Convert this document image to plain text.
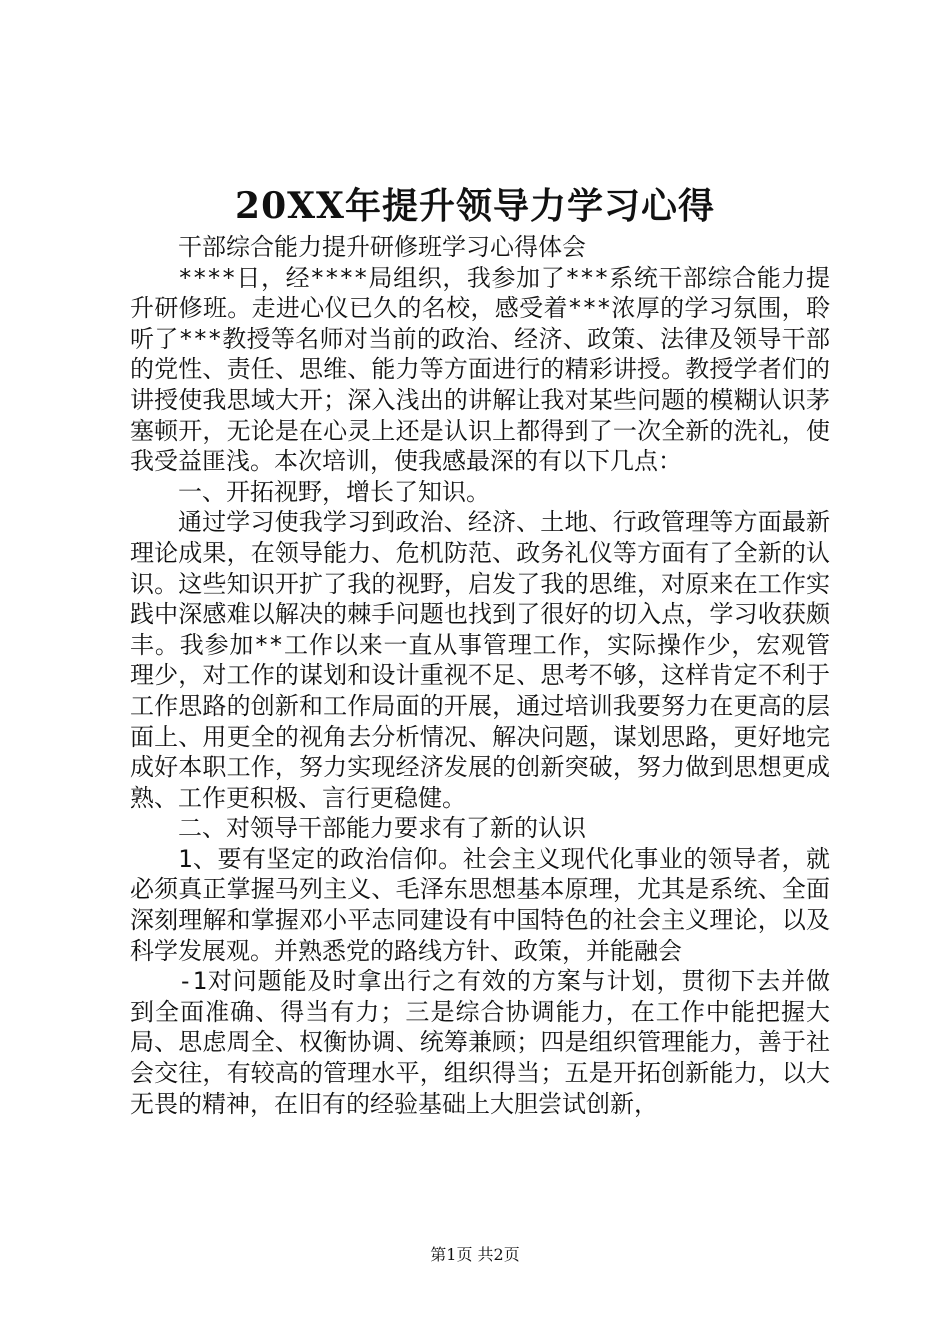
20XX年提升领导力学习心得

干部综合能力提升研修班学习心得体会

****日，经****局组织，我参加了***系统干部综合能力提升研修班。走进心仪已久的名校，感受着***浓厚的学习氛围，聆听了***教授等名师对当前的政治、经济、政策、法律及领导干部的党性、责任、思维、能力等方面进行的精彩讲授。教授学者们的讲授使我思域大开；深入浅出的讲解让我对某些问题的模糊认识茅塞顿开，无论是在心灵上还是认识上都得到了一次全新的洗礼，使我受益匪浅。本次培训，使我感最深的有以下几点：

一、开拓视野，增长了知识。

通过学习使我学习到政治、经济、土地、行政管理等方面最新理论成果，在领导能力、危机防范、政务礼仪等方面有了全新的认识。这些知识开扩了我的视野，启发了我的思维，对原来在工作实践中深感难以解决的棘手问题也找到了很好的切入点，学习收获颇丰。我参加**工作以来一直从事管理工作，实际操作少，宏观管理少，对工作的谋划和设计重视不足、思考不够，这样肯定不利于工作思路的创新和工作局面的开展，通过培训我要努力在更高的层面上、用更全的视角去分析情况、解决问题，谋划思路，更好地完成好本职工作，努力实现经济发展的创新突破，努力做到思想更成熟、工作更积极、言行更稳健。

二、对领导干部能力要求有了新的认识

1、要有坚定的政治信仰。社会主义现代化事业的领导者，就必须真正掌握马列主义、毛泽东思想基本原理，尤其是系统、全面深刻理解和掌握邓小平志同建设有中国特色的社会主义理论，以及科学发展观。并熟悉党的路线方针、政策，并能融会

-1对问题能及时拿出行之有效的方案与计划，贯彻下去并做到全面准确、得当有力；三是综合协调能力，在工作中能把握大局、思虑周全、权衡协调、统筹兼顾；四是组织管理能力，善于社会交往，有较高的管理水平，组织得当；五是开拓创新能力，以大无畏的精神，在旧有的经验基础上大胆尝试创新，

第1页 共2页
